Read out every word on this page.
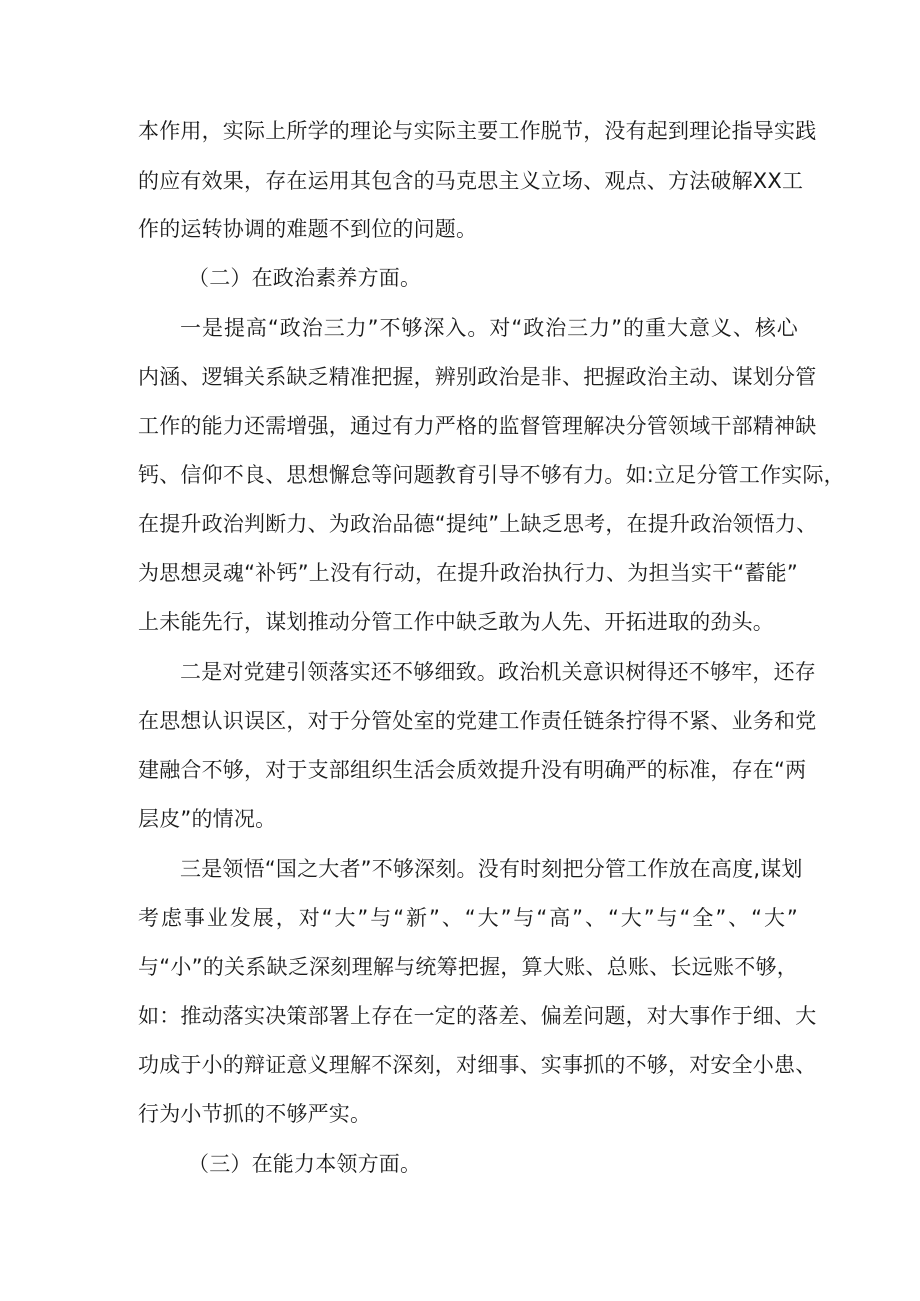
本作用，实际上所学的理论与实际主要工作脱节，没有起到理论指导实践
的应有效果，存在运用其包含的马克思主义立场、观点、方法破解XX工
作的运转协调的难题不到位的问题。
（二）在政治素养方面。
一是提高“政治三力”不够深入。对“政治三力”的重大意义、核心
内涵、逻辑关系缺乏精准把握，辨别政治是非、把握政治主动、谋划分管
工作的能力还需增强，通过有力严格的监督管理解决分管领域干部精神缺
钙、信仰不良、思想懈怠等问题教育引导不够有力。如:立足分管工作实际，
在提升政治判断力、为政治品德“提纯”上缺乏思考，在提升政治领悟力、
为思想灵魂“补钙”上没有行动，在提升政治执行力、为担当实干“蓄能”
上未能先行，谋划推动分管工作中缺乏敢为人先、开拓进取的劲头。
二是对党建引领落实还不够细致。政治机关意识树得还不够牢，还存
在思想认识误区，对于分管处室的党建工作责任链条拧得不紧、业务和党
建融合不够，对于支部组织生活会质效提升没有明确严的标准，存在“两
层皮”的情况。
三是领悟“国之大者”不够深刻。没有时刻把分管工作放在高度,谋划
考虑事业发展，对“大”与“新”、“大”与“高”、“大”与“全”、“大”
与“小”的关系缺乏深刻理解与统筹把握，算大账、总账、长远账不够，
如：推动落实决策部署上存在一定的落差、偏差问题，对大事作于细、大
功成于小的辩证意义理解不深刻，对细事、实事抓的不够，对安全小患、
行为小节抓的不够严实。
（三）在能力本领方面。
